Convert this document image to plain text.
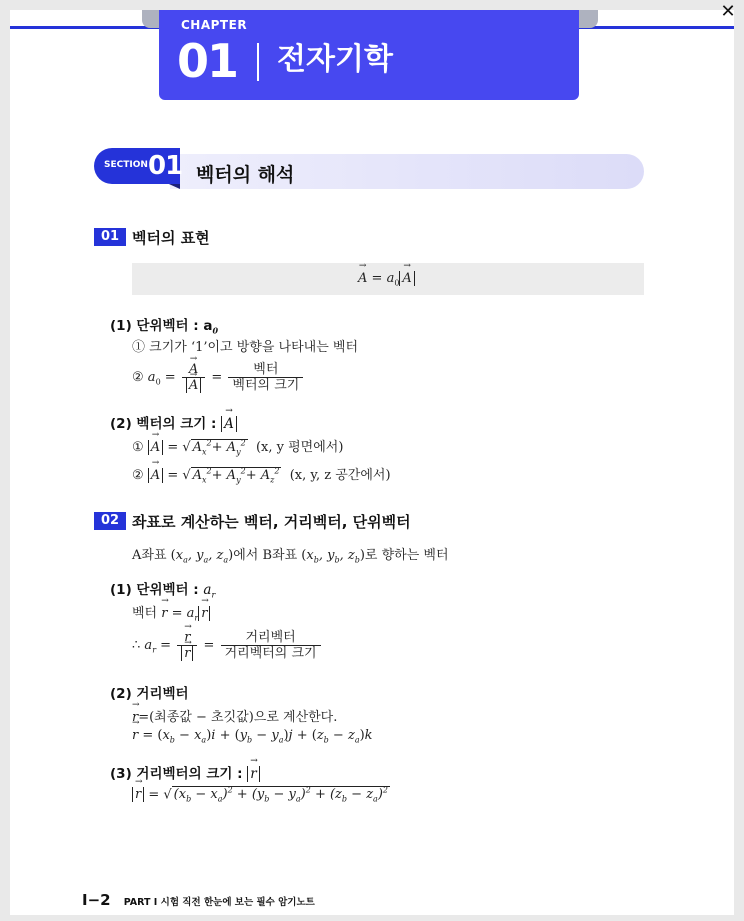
CHAPTER
01 전자기학
SECTION 01 벡터의 해석
01 벡터의 표현
→ $A = a_0 \to A$
(1) 단위벡터 : $a_0$
① 크기가 ‘1’이고 방향을 나타내는 벡터
② $a_0$ = → A
→ $A = \frac{\text{벡터}}{\text{벡터의 크기}}$
(2) 벡터의 크기 : → A
① → A = √ $A_x^2+ A_y^2$ (x, y 평면에서)
② → A = √ $A_x^2+ A_y^2+ A_z^2$ (x, y, z 공간에서)
02 좌표로 계산하는 벡터, 거리벡터, 단위벡터
A좌표 ($x_a$, $y_a$, $z_a$)에서 B좌표 ($x_b$, $y_b$, $z_b$)로 향하는 벡터
(1) 단위벡터 : $a_r$
벡터 → $r = a_r \to r$
∴ $a_r$ = → r
→ $r = \frac{\text{거리벡터}}{\text{거리벡터의 크기}}$
(2) 거리벡터
→ r=(최종값 − 초깃값)으로 계산한다.
→ $r = (x_b - x_a)i + (y_b - y_a)j + (z_b - z_a)k$
(3) 거리벡터의 크기 : → r
→ r = √ $(x_b - x_a)^2 + (y_b - y_a)^2 + (z_b - z_a)^2$
I−2 PART I 시험 직전 한눈에 보는 필수 암기노트
✕
